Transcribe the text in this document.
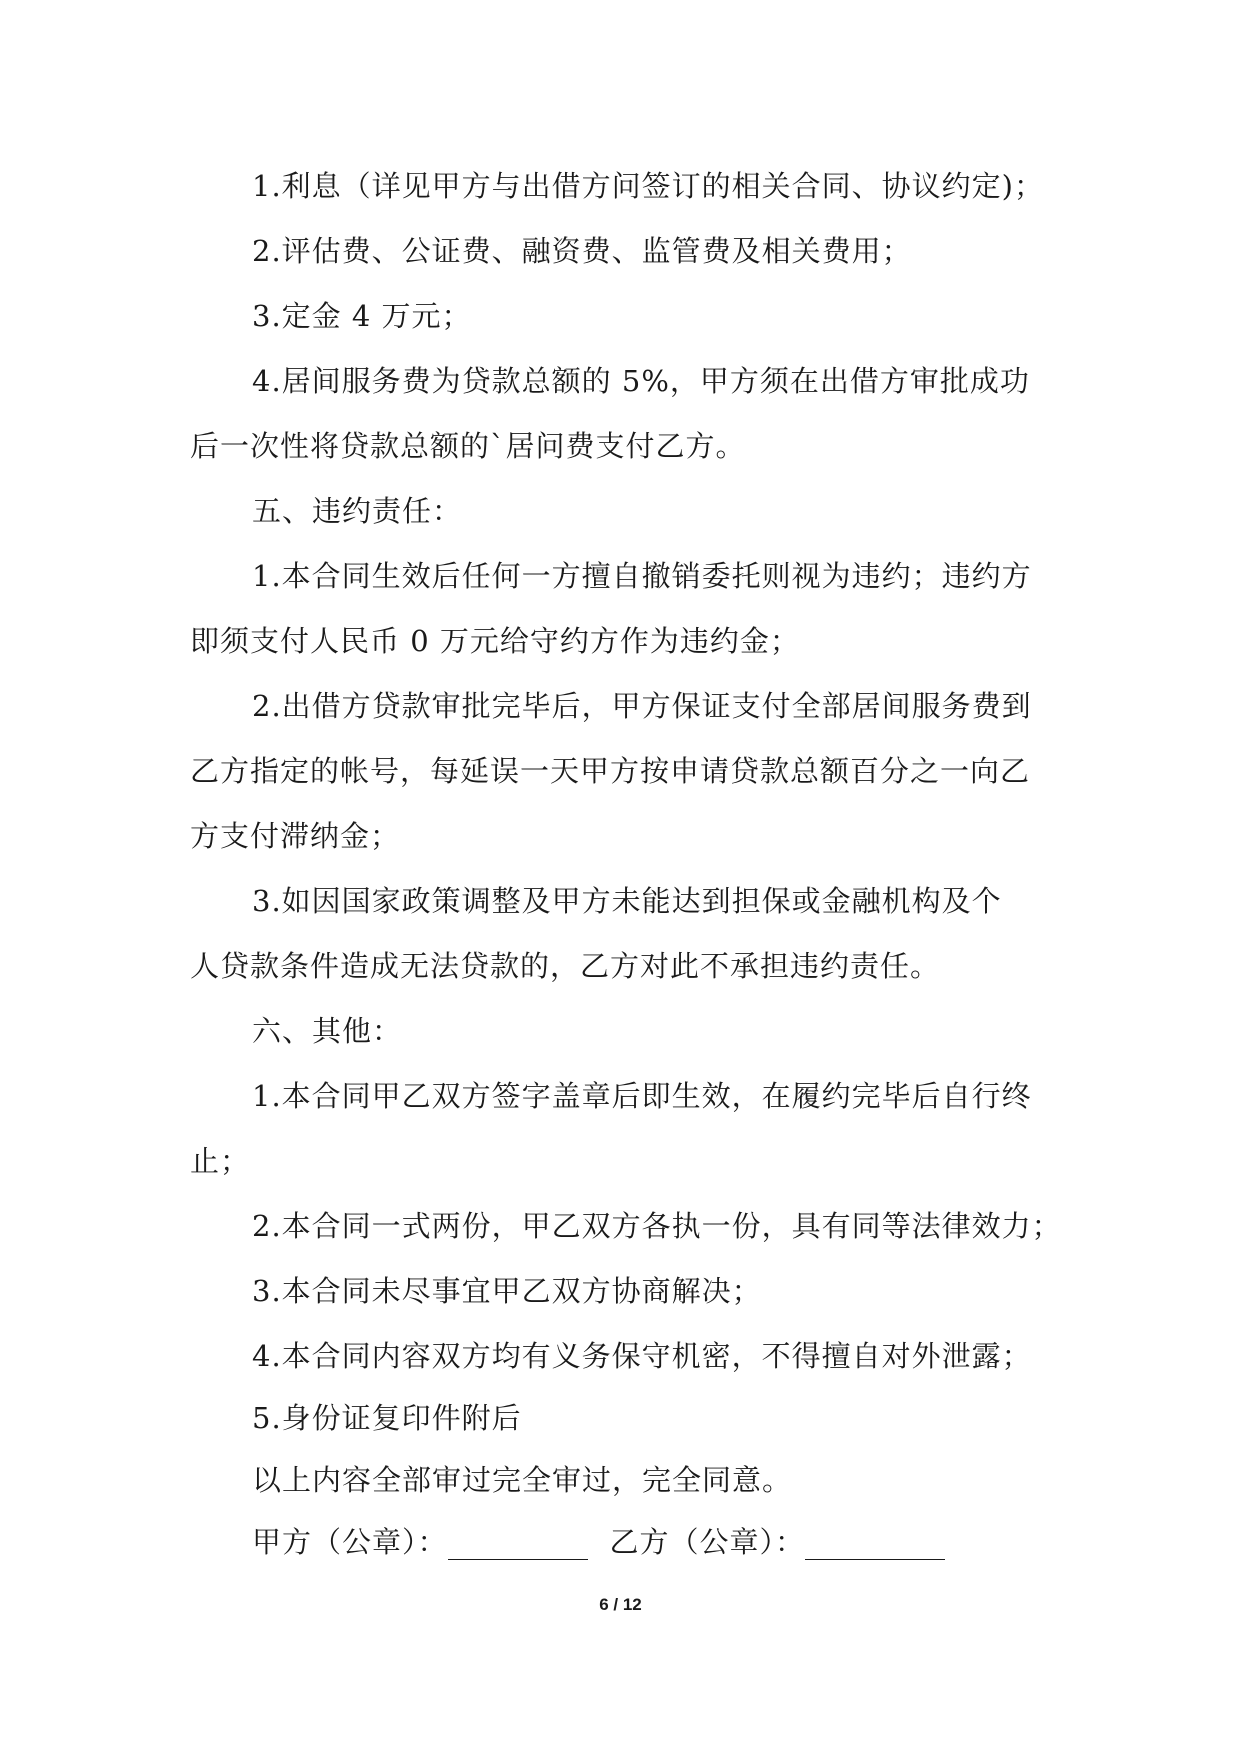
1.利息（详见甲方与出借方问签订的相关合同、协议约定)；
2.评估费、公证费、融资费、监管费及相关费用；
3.定金 4 万元；
4.居间服务费为贷款总额的 5%，甲方须在出借方审批成功
后一次性将贷款总额的`居问费支付乙方。
五、违约责任：
1.本合同生效后任何一方擅自撤销委托则视为违约；违约方
即须支付人民币 0 万元给守约方作为违约金；
2.出借方贷款审批完毕后，甲方保证支付全部居间服务费到
乙方指定的帐号，每延误一天甲方按申请贷款总额百分之一向乙
方支付滞纳金；
3.如因国家政策调整及甲方未能达到担保或金融机构及个
人贷款条件造成无法贷款的，乙方对此不承担违约责任。
六、其他：
1.本合同甲乙双方签字盖章后即生效，在履约完毕后自行终
止；
2.本合同一式两份，甲乙双方各执一份，具有同等法律效力；
3.本合同未尽事宜甲乙双方协商解决；
4.本合同内容双方均有义务保守机密，不得擅自对外泄露；
5.身份证复印件附后
以上内容全部审过完全审过，完全同意。
甲方（公章）：	乙方（公章）：
6 / 12
